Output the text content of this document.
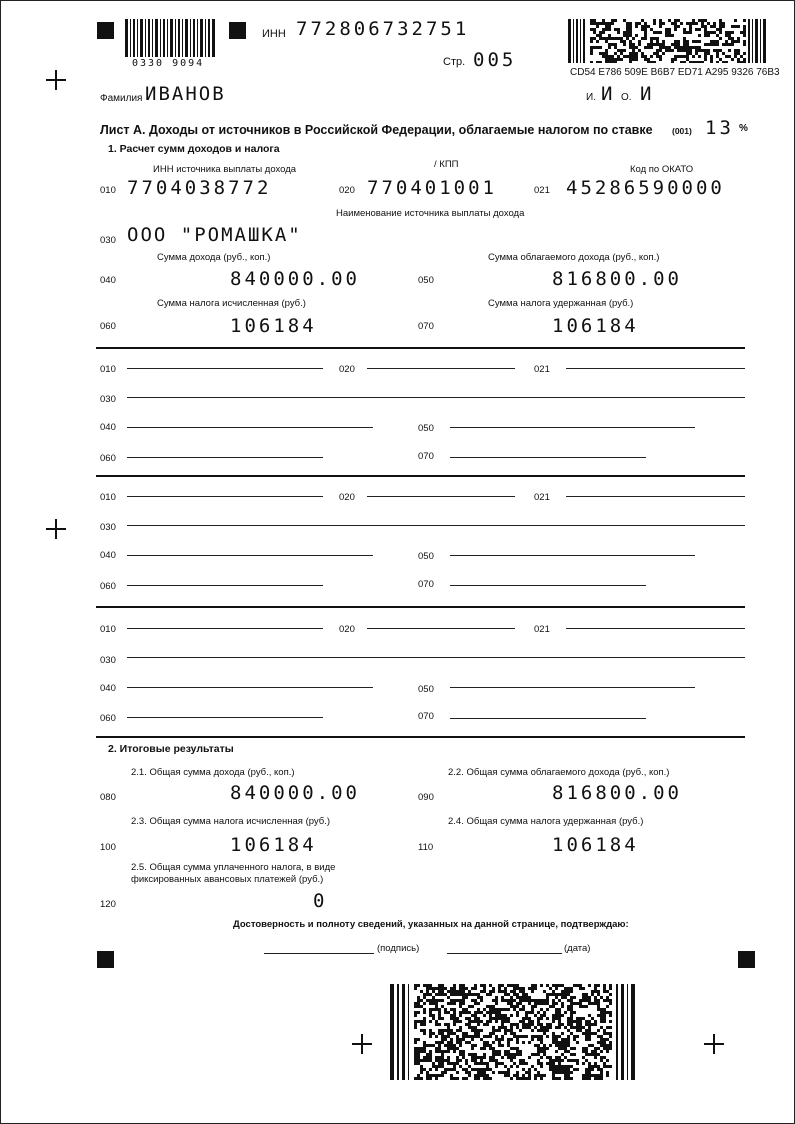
0330 9094
ИНН 772806732751
Стр. 005
CD54 E786 509E B6B7 ED71 A295 9326 76B3
Фамилия ИВАНОВ	И. И О. И
Лист А. Доходы от источников в Российской Федерации, облагаемые налогом по ставке (001) 13 %
1. Расчет сумм доходов и налога
ИНН источника выплаты дохода	/ КПП	Код по ОКАТО
010 7704038772	020 770401001	021 45286590000
Наименование источника выплаты дохода
030 ООО "РОМАШКА"
Сумма дохода (руб., коп.)	Сумма облагаемого дохода (руб., коп.)
040	840000.00	050	816800.00
Сумма налога исчисленная (руб.)	Сумма налога удержанная (руб.)
060	106184	070	106184
010	020	021
030
040	050
060	070
010	020	021
030
040	050
060	070
010	020	021
030
040	050
060	070
2. Итоговые результаты
2.1. Общая сумма дохода (руб., коп.)	2.2. Общая сумма облагаемого дохода (руб., коп.)
080	840000.00	090	816800.00
2.3. Общая сумма налога исчисленная (руб.)	2.4. Общая сумма налога удержанная (руб.)
100	106184	110	106184
2.5. Общая сумма уплаченного налога, в виде
фиксированных авансовых платежей (руб.)
120	0
Достоверность и полноту сведений, указанных на данной странице, подтверждаю:
(подпись)	(дата)
